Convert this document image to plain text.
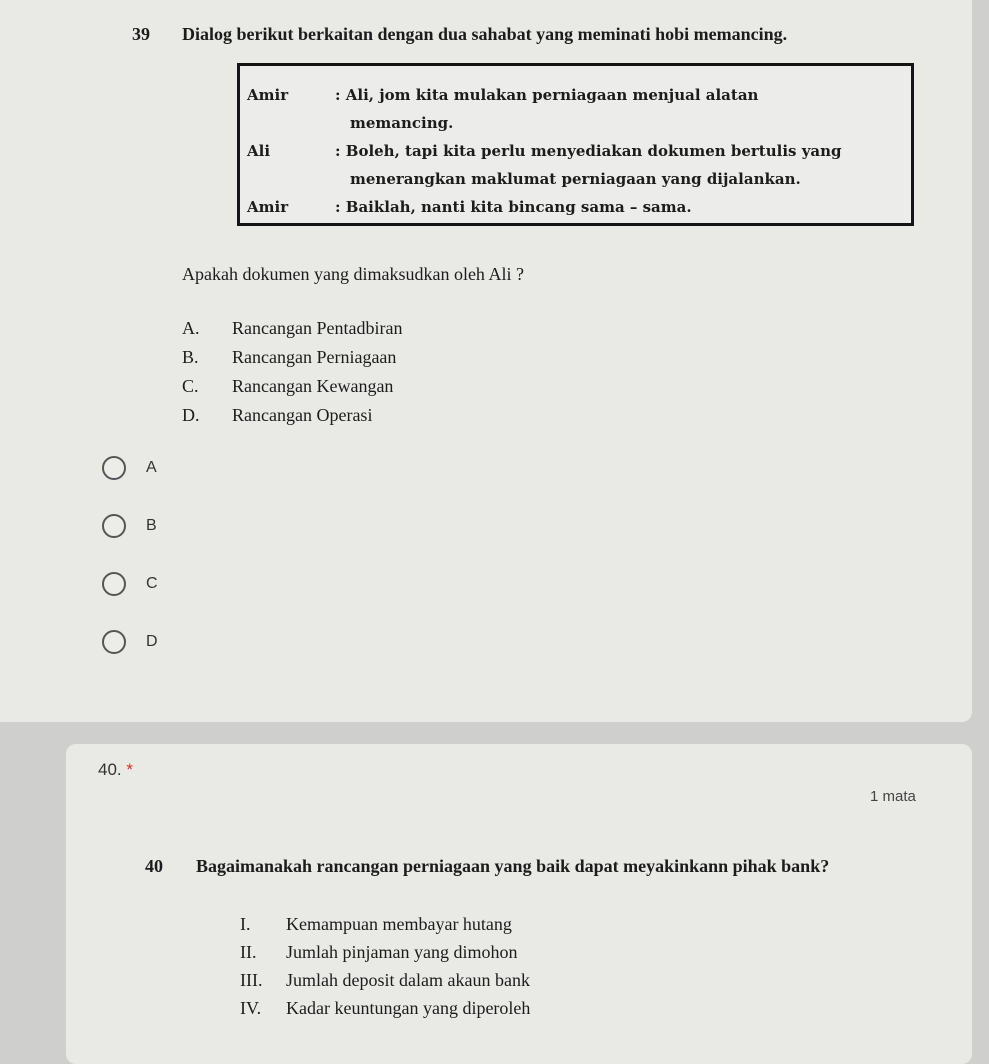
39 Dialog berikut berkaitan dengan dua sahabat yang meminati hobi memancing.
Amir	: Ali, jom kita mulakan perniagaan menjual alatan
memancing.
Ali	: Boleh, tapi kita perlu menyediakan dokumen bertulis yang
menerangkan maklumat perniagaan yang dijalankan.
Amir	: Baiklah, nanti kita bincang sama – sama.
Apakah dokumen yang dimaksudkan oleh Ali ?
A. Rancangan Pentadbiran
B. Rancangan Perniagaan
C. Rancangan Kewangan
D. Rancangan Operasi
A
B
C
D
40. *
1 mata
40 Bagaimanakah rancangan perniagaan yang baik dapat meyakinkann pihak bank?
I. Kemampuan membayar hutang
II. Jumlah pinjaman yang dimohon
III. Jumlah deposit dalam akaun bank
IV. Kadar keuntungan yang diperoleh
